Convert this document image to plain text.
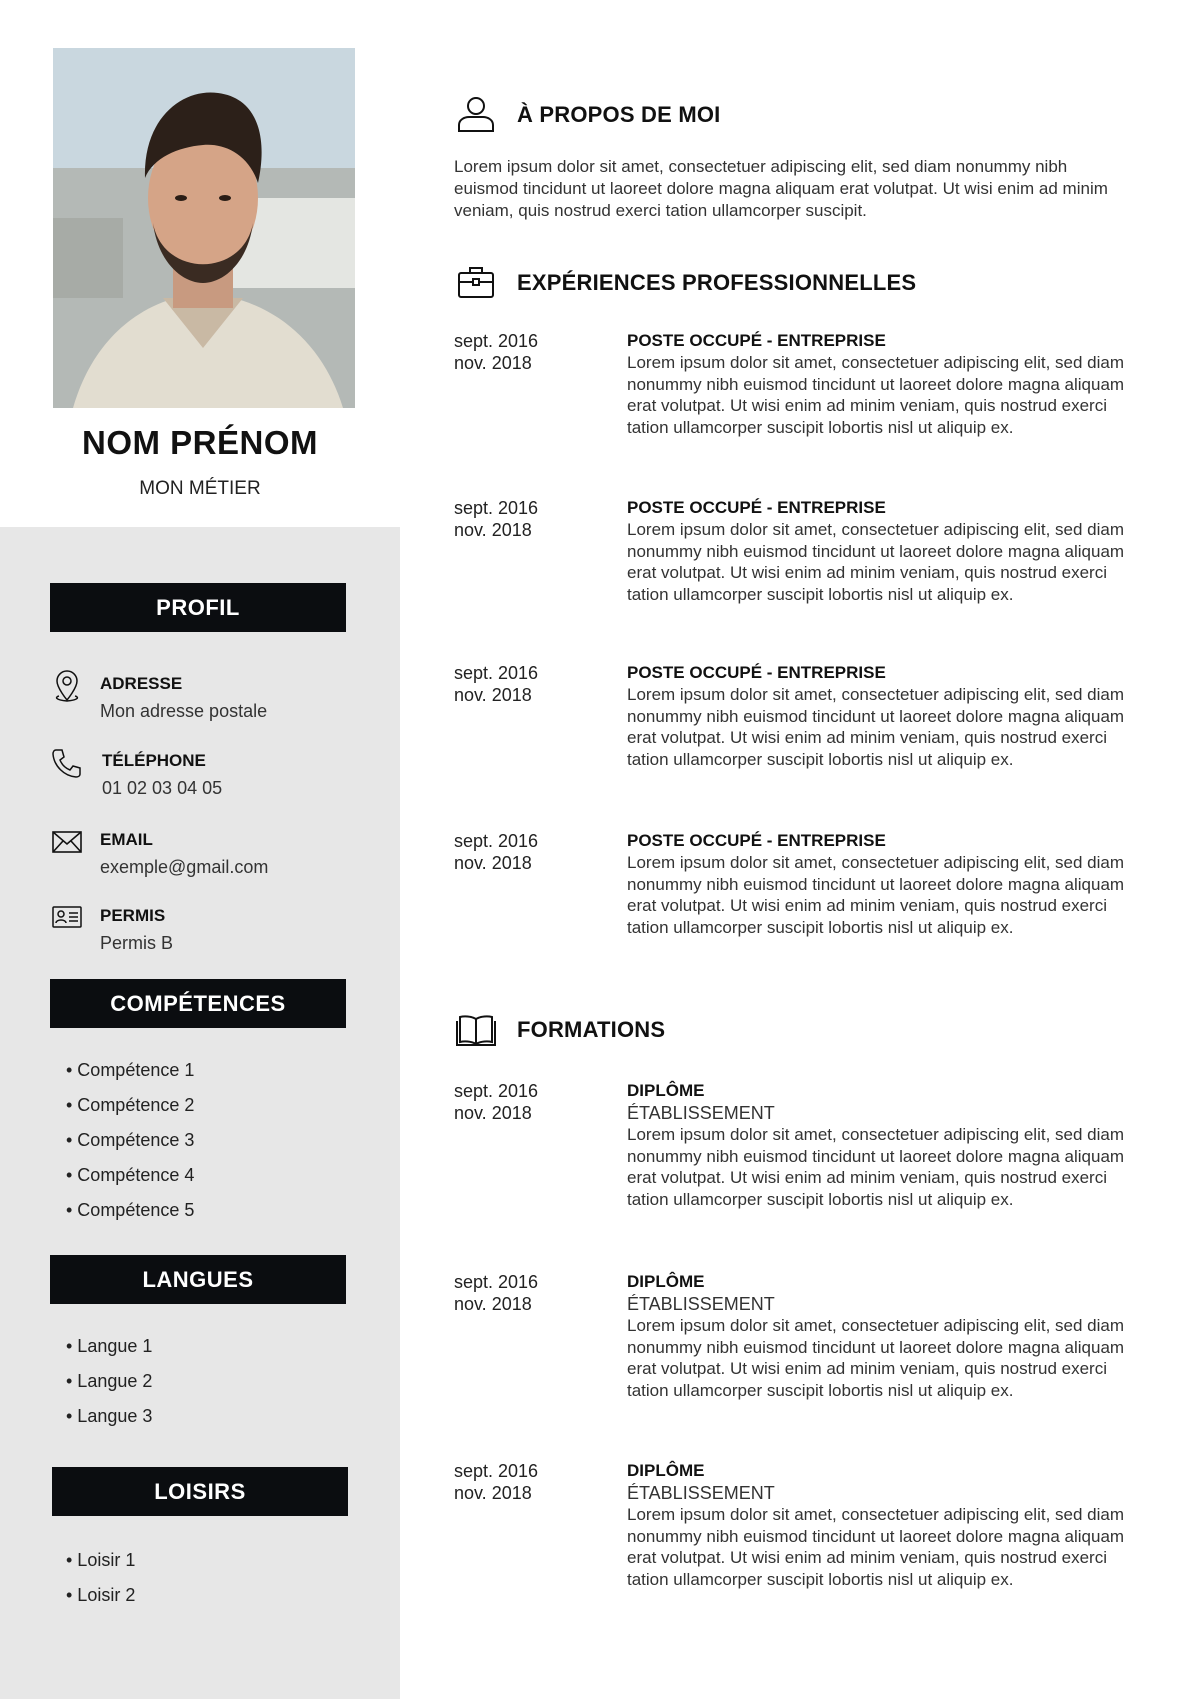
NOM PRÉNOM
MON MÉTIER
PROFIL
ADRESSE
Mon adresse postale
TÉLÉPHONE
01 02 03 04 05
EMAIL
exemple@gmail.com
PERMIS
Permis B
COMPÉTENCES
• Compétence 1
• Compétence 2
• Compétence 3
• Compétence 4
• Compétence 5
LANGUES
• Langue 1
• Langue 2
• Langue 3
LOISIRS
• Loisir 1
• Loisir 2
À PROPOS DE MOI
Lorem ipsum dolor sit amet, consectetuer adipiscing elit, sed diam nonummy nibh euismod tincidunt ut laoreet dolore magna aliquam erat volutpat. Ut wisi enim ad minim veniam, quis nostrud exerci tation ullamcorper suscipit.
EXPÉRIENCES PROFESSIONNELLES
sept. 2016
nov. 2018
POSTE OCCUPÉ - ENTREPRISE
Lorem ipsum dolor sit amet, consectetuer adipiscing elit, sed diam nonummy nibh euismod tincidunt ut laoreet dolore magna aliquam erat volutpat. Ut wisi enim ad minim veniam, quis nostrud exerci tation ullamcorper suscipit lobortis nisl ut aliquip ex.
sept. 2016
nov. 2018
POSTE OCCUPÉ - ENTREPRISE
Lorem ipsum dolor sit amet, consectetuer adipiscing elit, sed diam nonummy nibh euismod tincidunt ut laoreet dolore magna aliquam erat volutpat. Ut wisi enim ad minim veniam, quis nostrud exerci tation ullamcorper suscipit lobortis nisl ut aliquip ex.
sept. 2016
nov. 2018
POSTE OCCUPÉ - ENTREPRISE
Lorem ipsum dolor sit amet, consectetuer adipiscing elit, sed diam nonummy nibh euismod tincidunt ut laoreet dolore magna aliquam erat volutpat. Ut wisi enim ad minim veniam, quis nostrud exerci tation ullamcorper suscipit lobortis nisl ut aliquip ex.
sept. 2016
nov. 2018
POSTE OCCUPÉ - ENTREPRISE
Lorem ipsum dolor sit amet, consectetuer adipiscing elit, sed diam nonummy nibh euismod tincidunt ut laoreet dolore magna aliquam erat volutpat. Ut wisi enim ad minim veniam, quis nostrud exerci tation ullamcorper suscipit lobortis nisl ut aliquip ex.
FORMATIONS
sept. 2016
nov. 2018
DIPLÔME
ÉTABLISSEMENT
Lorem ipsum dolor sit amet, consectetuer adipiscing elit, sed diam nonummy nibh euismod tincidunt ut laoreet dolore magna aliquam erat volutpat. Ut wisi enim ad minim veniam, quis nostrud exerci tation ullamcorper suscipit lobortis nisl ut aliquip ex.
sept. 2016
nov. 2018
DIPLÔME
ÉTABLISSEMENT
Lorem ipsum dolor sit amet, consectetuer adipiscing elit, sed diam nonummy nibh euismod tincidunt ut laoreet dolore magna aliquam erat volutpat. Ut wisi enim ad minim veniam, quis nostrud exerci tation ullamcorper suscipit lobortis nisl ut aliquip ex.
sept. 2016
nov. 2018
DIPLÔME
ÉTABLISSEMENT
Lorem ipsum dolor sit amet, consectetuer adipiscing elit, sed diam nonummy nibh euismod tincidunt ut laoreet dolore magna aliquam erat volutpat. Ut wisi enim ad minim veniam, quis nostrud exerci tation ullamcorper suscipit lobortis nisl ut aliquip ex.
